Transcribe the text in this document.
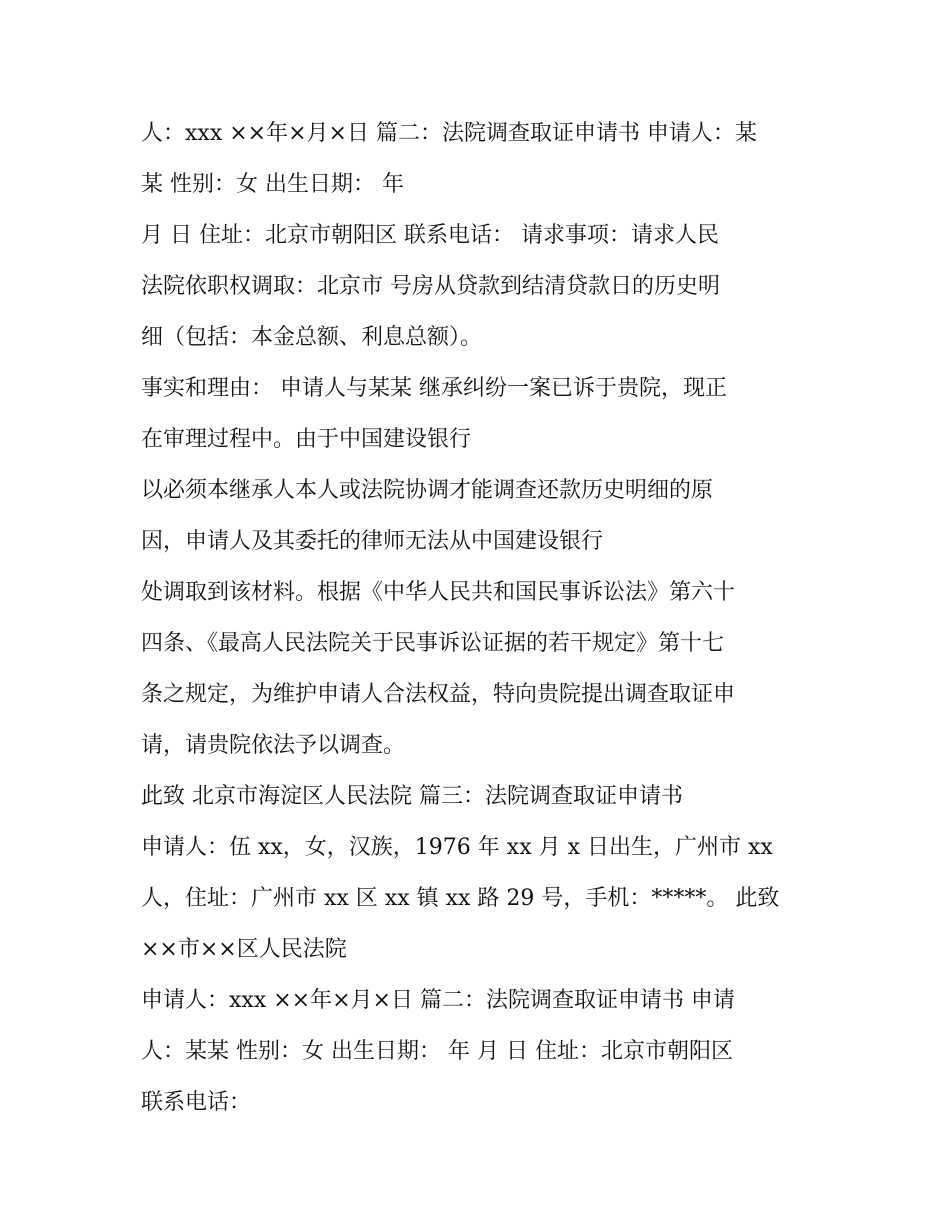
人：xxx ××年×月×日 篇二：法院调查取证申请书 申请人：某
某 性别：女 出生日期： 年
月 日 住址：北京市朝阳区 联系电话： 请求事项：请求人民
法院依职权调取：北京市 号房从贷款到结清贷款日的历史明
细（包括：本金总额、利息总额）。
事实和理由： 申请人与某某 继承纠纷一案已诉于贵院，现正
在审理过程中。由于中国建设银行
以必须本继承人本人或法院协调才能调查还款历史明细的原
因，申请人及其委托的律师无法从中国建设银行
处调取到该材料。根据《中华人民共和国民事诉讼法》第六十
四条、《最高人民法院关于民事诉讼证据的若干规定》第十七
条之规定，为维护申请人合法权益，特向贵院提出调查取证申
请，请贵院依法予以调查。
此致 北京市海淀区人民法院 篇三：法院调查取证申请书
申请人：伍 xx，女，汉族，1976 年 xx 月 x 日出生，广州市 xx
人，住址：广州市 xx 区 xx 镇 xx 路 29 号，手机：*****。 此致
××市××区人民法院
申请人：xxx ××年×月×日 篇二：法院调查取证申请书 申请
人：某某 性别：女 出生日期： 年 月 日 住址：北京市朝阳区
联系电话：
